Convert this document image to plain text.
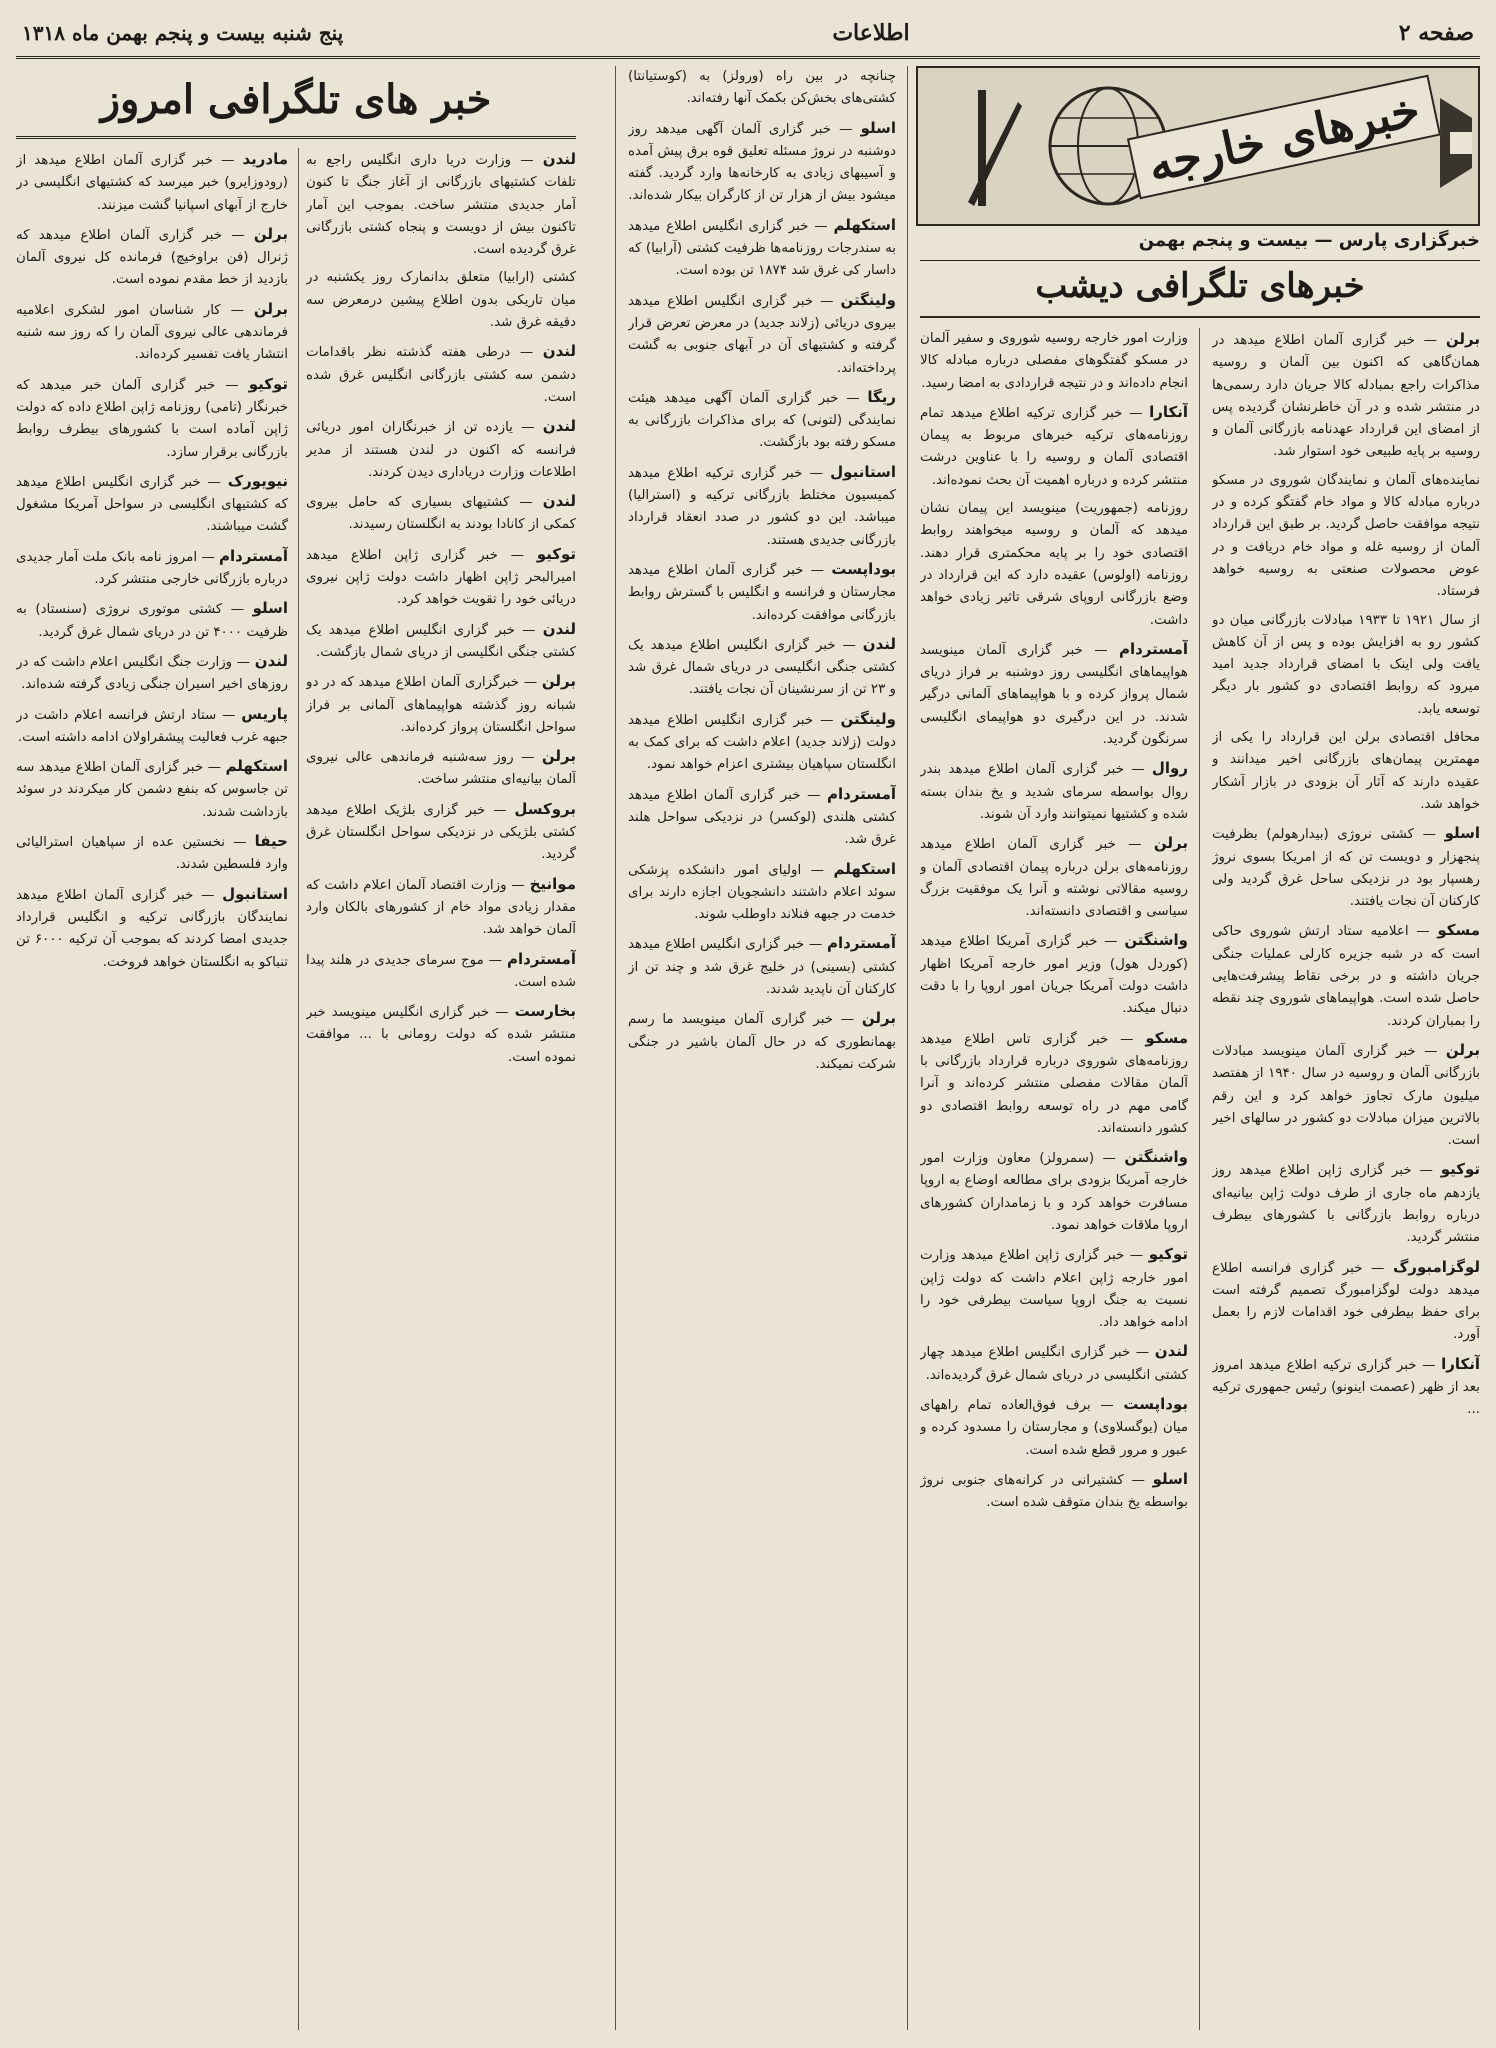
صفحه ۲
اطلاعات
پنج شنبه بیست و پنجم بهمن ماه ۱۳۱۸
خبرهای خارجه
خبرگزاری پارس — بیست و پنجم بهمن
خبرهای تلگرافی دیشب

برلن — خبر گزاری آلمان اطلاع میدهد در همان‌گاهی که اکنون بین آلمان و روسیه مذاکرات راجع بمبادله کالا جریان دارد رسمی‌ها در منتشر شده و در آن خاطرنشان گردیده پس از امضای این قرارداد عهدنامه بازرگانی آلمان و روسیه بر پایه طبیعی خود استوار شد.

نماینده‌های آلمان و نمایندگان شوروی در مسکو درباره مبادله کالا و مواد خام گفتگو کرده و در نتیجه موافقت حاصل گردید. بر طبق این قرارداد آلمان از روسیه غله و مواد خام دریافت و در عوض محصولات صنعتی به روسیه خواهد فرستاد.

از سال ۱۹۲۱ تا ۱۹۳۳ مبادلات بازرگانی میان دو کشور رو به افزایش بوده و پس از آن کاهش یافت ولی اینک با امضای قرارداد جدید امید میرود که روابط اقتصادی دو کشور بار دیگر توسعه یابد.

محافل اقتصادی برلن این قرارداد را یکی از مهمترین پیمان‌های بازرگانی اخیر میدانند و عقیده دارند که آثار آن بزودی در بازار آشکار خواهد شد.

اسلو — کشتی نروژی (بیدارهولم) بظرفیت پنجهزار و دویست تن که از امریکا بسوی نروژ رهسپار بود در نزدیکی ساحل غرق گردید ولی کارکنان آن نجات یافتند.

مسکو — اعلامیه ستاد ارتش شوروی حاکی است که در شبه جزیره کارلی عملیات جنگی جریان داشته و در برخی نقاط پیشرفت‌هایی حاصل شده است. هواپیماهای شوروی چند نقطه را بمباران کردند.

برلن — خبر گزاری آلمان مینویسد مبادلات بازرگانی آلمان و روسیه در سال ۱۹۴۰ از هفتصد میلیون مارک تجاوز خواهد کرد و این رقم بالاترین میزان مبادلات دو کشور در سالهای اخیر است.

توکیو — خبر گزاری ژاپن اطلاع میدهد روز یازدهم ماه جاری از طرف دولت ژاپن بیانیه‌ای درباره روابط بازرگانی با کشورهای بیطرف منتشر گردید.

لوگزامبورگ — خبر گزاری فرانسه اطلاع میدهد دولت لوگزامبورگ تصمیم گرفته است برای حفظ بیطرفی خود اقدامات لازم را بعمل آورد.

آنکارا — خبر گزاری ترکیه اطلاع میدهد امروز بعد از ظهر (عصمت اینونو) رئیس جمهوری ترکیه ...

وزارت امور خارجه روسیه شوروی و سفیر آلمان در مسکو گفتگوهای مفصلی درباره مبادله کالا انجام داده‌اند و در نتیجه قراردادی به امضا رسید.

آنکارا — خبر گزاری ترکیه اطلاع میدهد تمام روزنامه‌های ترکیه خبرهای مربوط به پیمان اقتصادی آلمان و روسیه را با عناوین درشت منتشر کرده و درباره اهمیت آن بحث نموده‌اند.

روزنامه (جمهوریت) مینویسد این پیمان نشان میدهد که آلمان و روسیه میخواهند روابط اقتصادی خود را بر پایه محکمتری قرار دهند. روزنامه (اولوس) عقیده دارد که این قرارداد در وضع بازرگانی اروپای شرقی تاثیر زیادی خواهد داشت.

آمستردام — خبر گزاری آلمان مینویسد هواپیماهای انگلیسی روز دوشنبه بر فراز دریای شمال پرواز کرده و با هواپیماهای آلمانی درگیر شدند. در این درگیری دو هواپیمای انگلیسی سرنگون گردید.

روال — خبر گزاری آلمان اطلاع میدهد بندر روال بواسطه سرمای شدید و یخ بندان بسته شده و کشتیها نمیتوانند وارد آن شوند.

برلن — خبر گزاری آلمان اطلاع میدهد روزنامه‌های برلن درباره پیمان اقتصادی آلمان و روسیه مقالاتی نوشته و آنرا یک موفقیت بزرگ سیاسی و اقتصادی دانسته‌اند.

واشنگتن — خبر گزاری آمریکا اطلاع میدهد (کوردل هول) وزیر امور خارجه آمریکا اظهار داشت دولت آمریکا جریان امور اروپا را با دقت دنبال میکند.

مسکو — خبر گزاری تاس اطلاع میدهد روزنامه‌های شوروی درباره قرارداد بازرگانی با آلمان مقالات مفصلی منتشر کرده‌اند و آنرا گامی مهم در راه توسعه روابط اقتصادی دو کشور دانسته‌اند.

واشنگتن — (سمرولز) معاون وزارت امور خارجه آمریکا بزودی برای مطالعه اوضاع به اروپا مسافرت خواهد کرد و با زمامداران کشورهای اروپا ملاقات خواهد نمود.

توکیو — خبر گزاری ژاپن اطلاع میدهد وزارت امور خارجه ژاپن اعلام داشت که دولت ژاپن نسبت به جنگ اروپا سیاست بیطرفی خود را ادامه خواهد داد.

لندن — خبر گزاری انگلیس اطلاع میدهد چهار کشتی انگلیسی در دریای شمال غرق گردیده‌اند.

بوداپست — برف فوق‌العاده تمام راههای میان (یوگسلاوی) و مجارستان را مسدود کرده و عبور و مرور قطع شده است.

اسلو — کشتیرانی در کرانه‌های جنوبی نروژ بواسطه یخ بندان متوقف شده است.

چنانچه در بین راه (ورولز) به (کوستیانتا) کشتی‌های بخش‌کن بکمک آنها رفته‌اند.

اسلو — خبر گزاری آلمان آگهی میدهد روز دوشنبه در نروژ مسئله تعلیق قوه برق پیش آمده و آسیبهای زیادی به کارخانه‌ها وارد گردید. گفته میشود بیش از هزار تن از کارگران بیکار شده‌اند.

استکهلم — خبر گزاری انگلیس اطلاع میدهد به سندرجات روزنامه‌ها ظرفیت کشتی (آرابیا) که داسار کی غرق شد ۱۸۷۴ تن بوده است.

ولینگتن — خبر گزاری انگلیس اطلاع میدهد بیروی دریائی (زلاند جدید) در معرض تعرض قرار گرفته و کشتیهای آن در آبهای جنوبی به گشت پرداخته‌اند.

ریگا — خبر گزاری آلمان آگهی میدهد هیئت نمایندگی (لتونی) که برای مذاکرات بازرگانی به مسکو رفته بود بازگشت.

استانبول — خبر گزاری ترکیه اطلاع میدهد کمیسیون مختلط بازرگانی ترکیه و (استرالیا) میباشد. این دو کشور در صدد انعقاد قرارداد بازرگانی جدیدی هستند.

بوداپست — خبر گزاری آلمان اطلاع میدهد مجارستان و فرانسه و انگلیس با گسترش روابط بازرگانی موافقت کرده‌اند.

لندن — خبر گزاری انگلیس اطلاع میدهد یک کشتی جنگی انگلیسی در دریای شمال غرق شد و ۲۳ تن از سرنشینان آن نجات یافتند.

ولینگتن — خبر گزاری انگلیس اطلاع میدهد دولت (زلاند جدید) اعلام داشت که برای کمک به انگلستان سپاهیان بیشتری اعزام خواهد نمود.

آمستردام — خبر گزاری آلمان اطلاع میدهد کشتی هلندی (لوکسر) در نزدیکی سواحل هلند غرق شد.

استکهلم — اولیای امور دانشکده پزشکی سوئد اعلام داشتند دانشجویان اجازه دارند برای خدمت در جبهه فنلاند داوطلب شوند.

آمستردام — خبر گزاری انگلیس اطلاع میدهد کشتی (بسینی) در خلیج غرق شد و چند تن از کارکنان آن ناپدید شدند.

برلن — خبر گزاری آلمان مینویسد ما رسم بهمانطوری که در حال آلمان باشیر در جنگی شرکت نمیکند.

خبر های تلگرافی امروز

لندن — وزارت دریا داری انگلیس راجع به تلفات کشتیهای بازرگانی از آغاز جنگ تا کنون آمار جدیدی منتشر ساخت. بموجب این آمار تاکنون بیش از دویست و پنجاه کشتی بازرگانی غرق گردیده است.

کشتی (ارابیا) متعلق بدانمارک روز یکشنبه در میان تاریکی بدون اطلاع پیشین درمعرض سه دقیقه غرق شد.

لندن — درطی هفته گذشته نظر باقدامات دشمن سه کشتی بازرگانی انگلیس غرق شده است.

لندن — یازده تن از خبرنگاران امور دریائی فرانسه که اکنون در لندن هستند از مدیر اطلاعات وزارت دریاداری دیدن کردند.

لندن — کشتیهای بسیاری که حامل بیروی کمکی از کانادا بودند به انگلستان رسیدند.

توکیو — خبر گزاری ژاپن اطلاع میدهد امیرالبحر ژاپن اظهار داشت دولت ژاپن نیروی دریائی خود را تقویت خواهد کرد.

لندن — خبر گزاری انگلیس اطلاع میدهد یک کشتی جنگی انگلیسی از دریای شمال بازگشت.

برلن — خبرگزاری آلمان اطلاع میدهد که در دو شبانه روز گذشته هواپیماهای آلمانی بر فراز سواحل انگلستان پرواز کرده‌اند.

برلن — روز سه‌شنبه فرماندهی عالی نیروی آلمان بیانیه‌ای منتشر ساخت.

بروکسل — خبر گزاری بلژیک اطلاع میدهد کشتی بلژیکی در نزدیکی سواحل انگلستان غرق گردید.

موانیخ — وزارت اقتصاد آلمان اعلام داشت که مقدار زیادی مواد خام از کشورهای بالکان وارد آلمان خواهد شد.

آمستردام — موج سرمای جدیدی در هلند پیدا شده است.

بخارست — خبر گزاری انگلیس مینویسد خبر منتشر شده که دولت رومانی با ... موافقت نموده است.

مادرید — خبر گزاری آلمان اطلاع میدهد از (رودوزایرو) خبر میرسد که کشتیهای انگلیسی در خارج از آبهای اسپانیا گشت میزنند.

برلن — خبر گزاری آلمان اطلاع میدهد که ژنرال (فن براوخیچ) فرمانده کل نیروی آلمان بازدید از خط مقدم نموده است.

برلن — کار شناسان امور لشکری اعلامیه فرماندهی عالی نیروی آلمان را که روز سه شنبه انتشار یافت تفسیر کرده‌اند.

توکیو — خبر گزاری آلمان خبر میدهد که خبرنگار (تامی) روزنامه ژاپن اطلاع داده که دولت ژاپن آماده است با کشورهای بیطرف روابط بازرگانی برقرار سازد.

نیویورک — خبر گزاری انگلیس اطلاع میدهد که کشتیهای انگلیسی در سواحل آمریکا مشغول گشت میباشند.

آمستردام — امروز نامه بانک ملت آمار جدیدی درباره بازرگانی خارجی منتشر کرد.

اسلو — کشتی موتوری نروژی (سنستاد) به ظرفیت ۴۰۰۰ تن در دریای شمال غرق گردید.

لندن — وزارت جنگ انگلیس اعلام داشت که در روزهای اخیر اسیران جنگی زیادی گرفته شده‌اند.

پاریس — ستاد ارتش فرانسه اعلام داشت در جبهه غرب فعالیت پیشقراولان ادامه داشته است.

استکهلم — خبر گزاری آلمان اطلاع میدهد سه تن جاسوس که بنفع دشمن کار میکردند در سوئد بازداشت شدند.

حیفا — نخستین عده از سپاهیان استرالیائی وارد فلسطین شدند.

استانبول — خبر گزاری آلمان اطلاع میدهد نمایندگان بازرگانی ترکیه و انگلیس قرارداد جدیدی امضا کردند که بموجب آن ترکیه ۶۰۰۰ تن تنباکو به انگلستان خواهد فروخت.
